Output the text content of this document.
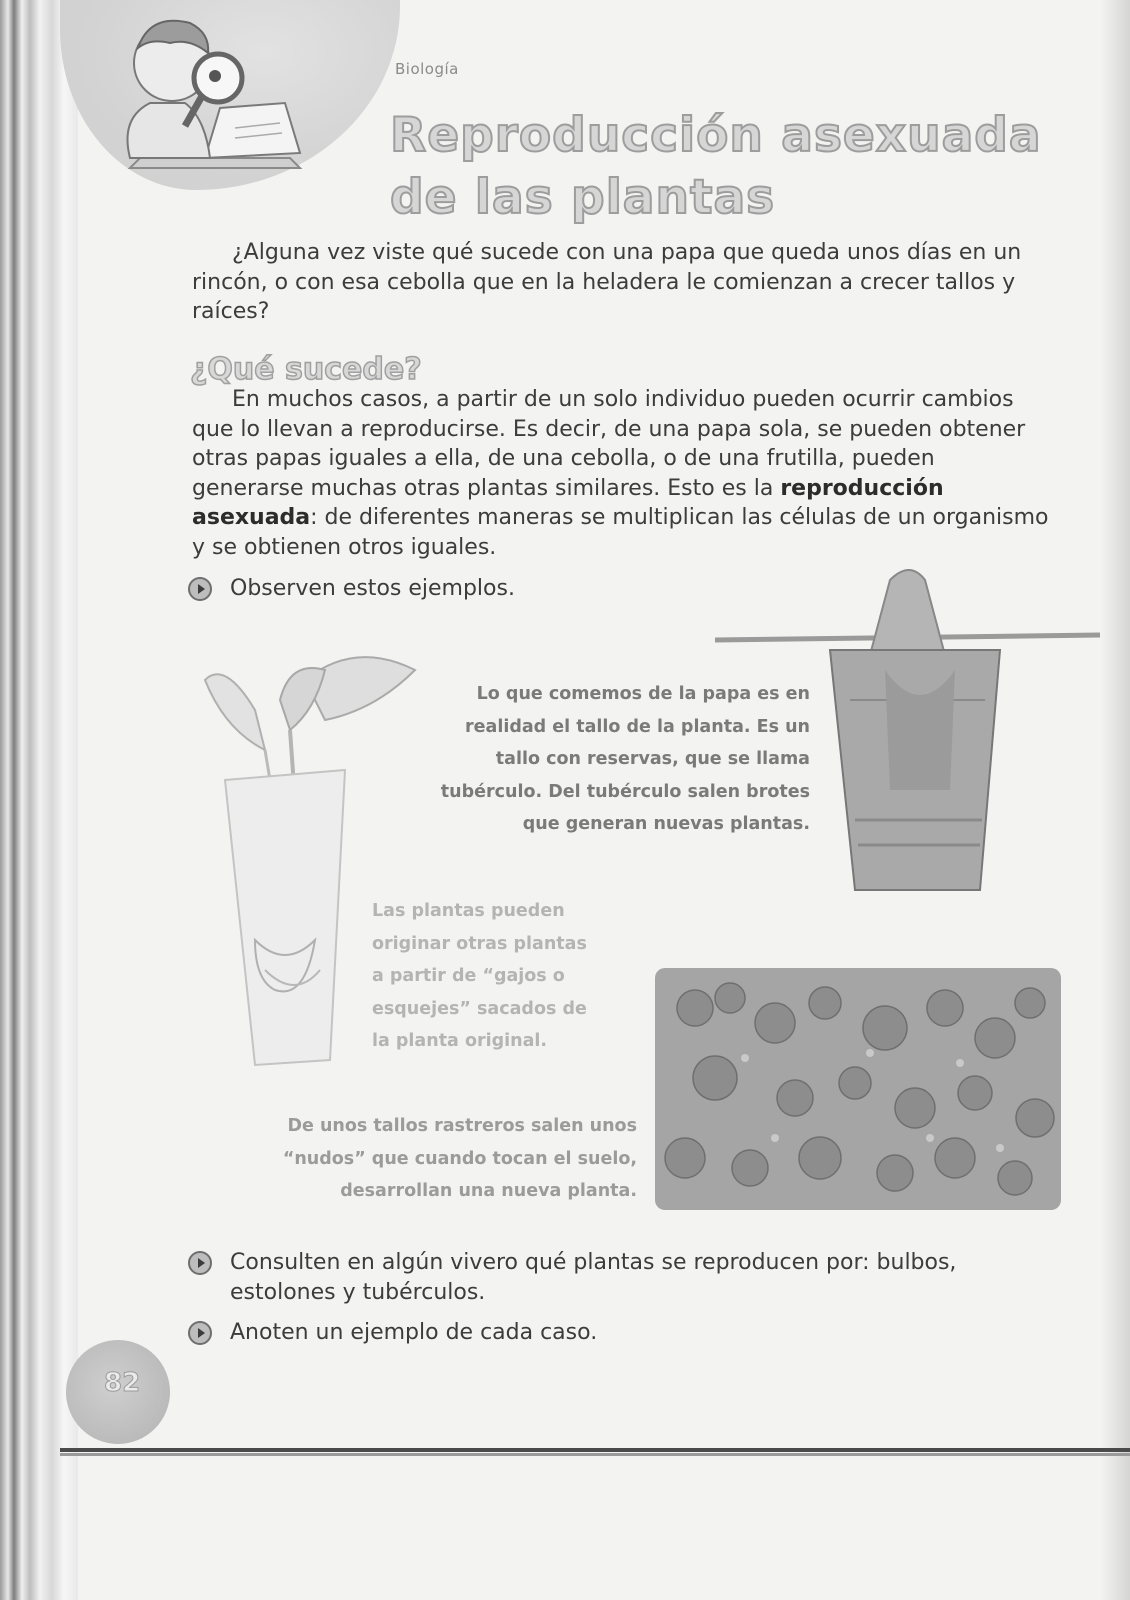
Biología
Reproducción asexuada
de las plantas

¿Alguna vez viste qué sucede con una papa que queda unos días en un rincón, o con esa cebolla que en la heladera le comienzan a crecer tallos y raíces?

¿Qué sucede?

En muchos casos, a partir de un solo individuo pueden ocurrir cambios que lo llevan a reproducirse. Es decir, de una papa sola, se pueden obtener otras papas iguales a ella, de una cebolla, o de una frutilla, pueden generarse muchas otras plantas similares. Esto es la reproducción asexuada: de diferentes maneras se multiplican las células de un organismo y se obtienen otros iguales.

Observen estos ejemplos.
Lo que comemos de la papa es en
realidad el tallo de la planta. Es un
tallo con reservas, que se llama
tubérculo. Del tubérculo salen brotes
que generan nuevas plantas.
Las plantas pueden
originar otras plantas
a partir de “gajos o
esquejes” sacados de
la planta original.
De unos tallos rastreros salen unos
“nudos” que cuando tocan el suelo,
desarrollan una nueva planta.
Consulten en algún vivero qué plantas se reproducen por: bulbos, estolones y tubérculos.
Anoten un ejemplo de cada caso.
82
